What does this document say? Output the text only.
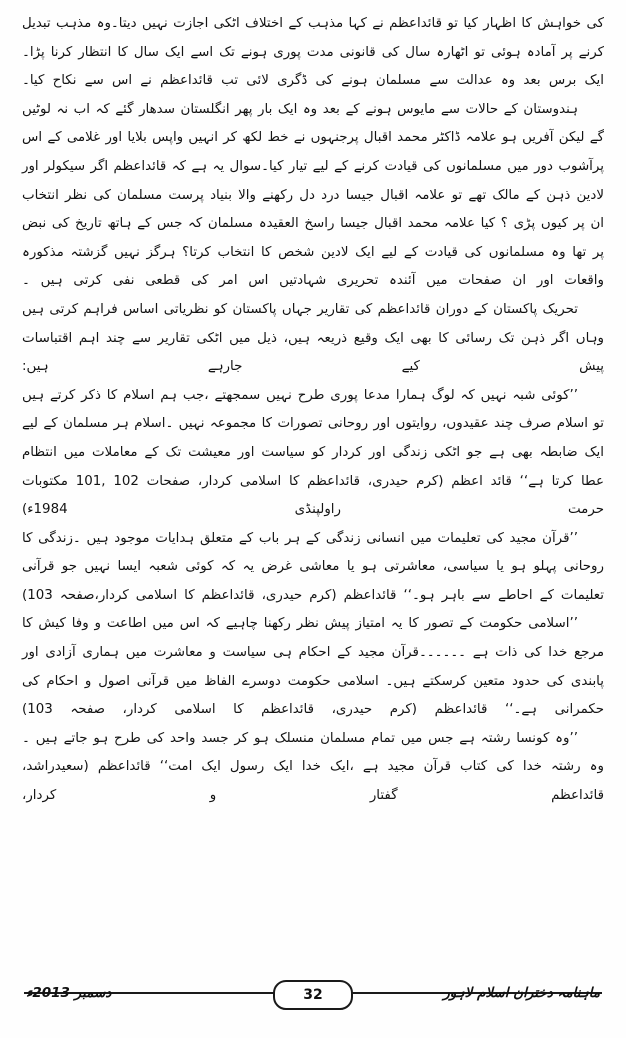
کی خواہش کا اظہار کیا تو قائداعظم نے کہا مذہب کے اختلاف اٹکی اجازت نہیں دیتا۔وہ مذہب تبدیل کرنے پر آمادہ ہوئی تو اٹھارہ سال کی قانونی مدت پوری ہونے تک اسے ایک سال کا انتظار کرنا پڑا۔ایک برس بعد وہ عدالت سے مسلمان ہونے کی ڈگری لائی تب قائداعظم نے اس سے نکاح کیا۔

ہندوستان کے حالات سے مایوس ہونے کے بعد وہ ایک بار پھر انگلستان سدھار گئے کہ اب نہ لوٹیں گے لیکن آفریں ہو علامہ ڈاکٹر محمد اقبال پرجنہوں نے خط لکھ کر انہیں واپس بلایا اور غلامی کے اس پرآشوب دور میں مسلمانوں کی قیادت کرنے کے لیے تیار کیا۔سوال یہ ہے کہ قائداعظم اگر سیکولر اور لادین ذہن کے مالک تھے تو علامہ اقبال جیسا درد دل رکھنے والا بنیاد پرست مسلمان کی نظر انتخاب ان پر کیوں پڑی ؟ کیا علامہ محمد اقبال جیسا راسخ العقیدہ مسلمان کہ جس کے ہاتھ تاریخ کی نبض پر تھا وہ مسلمانوں کی قیادت کے لیے ایک لادین شخص کا انتخاب کرتا؟ ہرگز نہیں گزشتہ مذکورہ واقعات اور ان صفحات میں آئندہ تحریری شہادتیں اس امر کی قطعی نفی کرتی ہیں ۔

تحریک پاکستان کے دوران قائداعظم کی تقاریر جہاں پاکستان کو نظریاتی اساس فراہم کرتی ہیں وہاں اگر ذہن تک رسائی کا بھی ایک وقیع ذریعہ ہیں، ذیل میں اٹکی تقاریر سے چند اہم اقتباسات پیش کیے جارہے ہیں:

’’کوئی شبہ نہیں کہ لوگ ہمارا مدعا پوری طرح نہیں سمجھتے ،جب ہم اسلام کا ذکر کرتے ہیں تو اسلام صرف چند عقیدوں، روایتوں اور روحانی تصورات کا مجموعہ نہیں ۔اسلام ہر مسلمان کے لیے ایک ضابطہ بھی ہے جو اٹکی زندگی اور کردار کو سیاست اور معیشت تک کے معاملات میں انتظام عطا کرتا ہے‘‘ قائد اعظم (کرم حیدری، قائداعظم کا اسلامی کردار، صفحات 102 ,101 مکتوبات حرمت راولپنڈی 1984ء)

’’قرآن مجید کی تعلیمات میں انسانی زندگی کے ہر باب کے متعلق ہدایات موجود ہیں ۔زندگی کا روحانی پہلو ہو یا سیاسی، معاشرتی ہو یا معاشی غرض یہ کہ کوئی شعبہ ایسا نہیں جو قرآنی تعلیمات کے احاطے سے باہر ہو۔‘‘ قائداعظم (کرم حیدری، قائداعظم کا اسلامی کردار،صفحہ 103)

’’اسلامی حکومت کے تصور کا یہ امتیاز پیش نظر رکھنا چاہیے کہ اس میں اطاعت و وفا کیش کا مرجع خدا کی ذات ہے ۔۔۔۔۔۔قرآن مجید کے احکام ہی سیاست و معاشرت میں ہماری آزادی اور پابندی کی حدود متعین کرسکتے ہیں۔ اسلامی حکومت دوسرے الفاظ میں قرآنی اصول و احکام کی حکمرانی ہے۔‘‘ قائداعظم (کرم حیدری، قائداعظم کا اسلامی کردار، صفحہ 103)

’’وہ کونسا رشتہ ہے جس میں تمام مسلمان منسلک ہو کر جسد واحد کی طرح ہو جاتے ہیں ۔وہ رشتہ خدا کی کتاب قرآن مجید ہے ،ایک خدا ایک رسول ایک امت‘‘ قائداعظم (سعیدراشد، قائداعظم گفتار و کردار،

ماہنامہ دختران اسلام لاہور
32
دسمبر 2013ء
